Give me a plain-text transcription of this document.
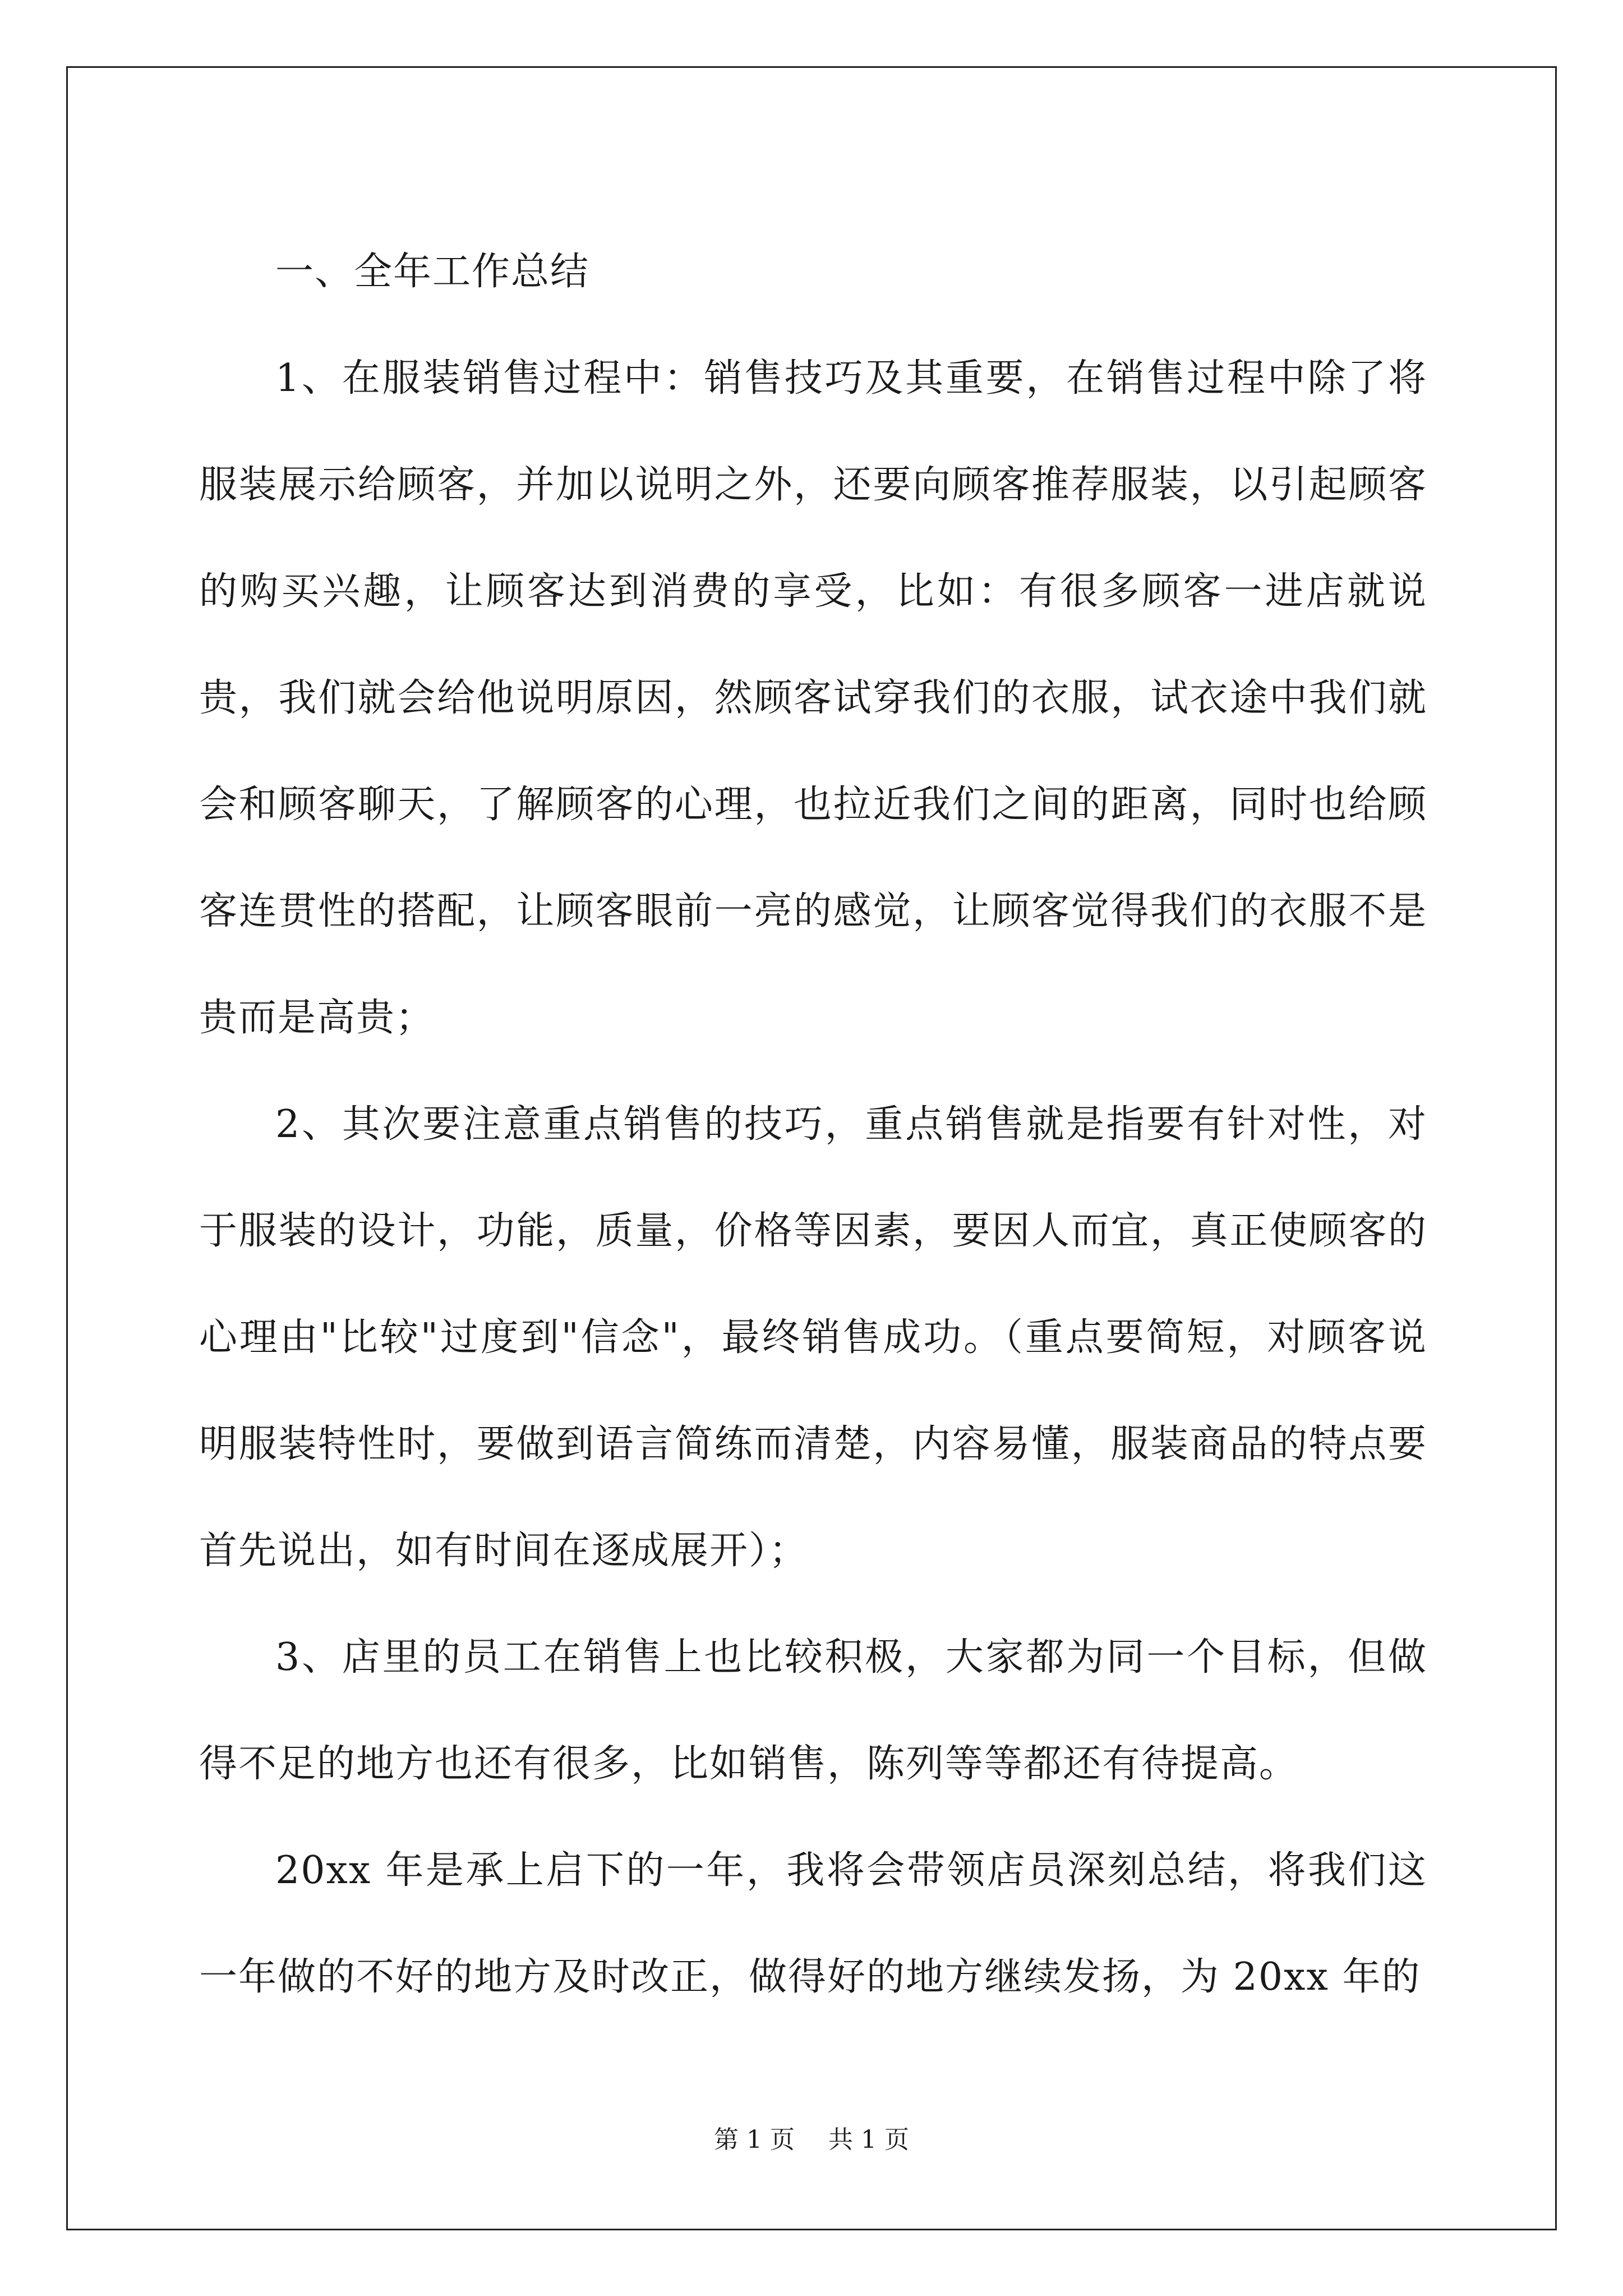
一、全年工作总结

1、在服装销售过程中：销售技巧及其重要，在销售过程中除了将服装展示给顾客，并加以说明之外，还要向顾客推荐服装，以引起顾客的购买兴趣，让顾客达到消费的享受，比如：有很多顾客一进店就说贵，我们就会给他说明原因，然顾客试穿我们的衣服，试衣途中我们就会和顾客聊天，了解顾客的心理，也拉近我们之间的距离，同时也给顾客连贯性的搭配，让顾客眼前一亮的感觉，让顾客觉得我们的衣服不是贵而是高贵；

2、其次要注意重点销售的技巧，重点销售就是指要有针对性，对于服装的设计，功能，质量，价格等因素，要因人而宜，真正使顾客的心理由"比较"过度到"信念"，最终销售成功。（重点要简短，对顾客说明服装特性时，要做到语言简练而清楚，内容易懂，服装商品的特点要首先说出，如有时间在逐成展开）；

3、店里的员工在销售上也比较积极，大家都为同一个目标，但做得不足的地方也还有很多，比如销售，陈列等等都还有待提高。

20xx 年是承上启下的一年，我将会带领店员深刻总结，将我们这一年做的不好的地方及时改正，做得好的地方继续发扬，为 20xx 年的

第 1 页 共 1 页
